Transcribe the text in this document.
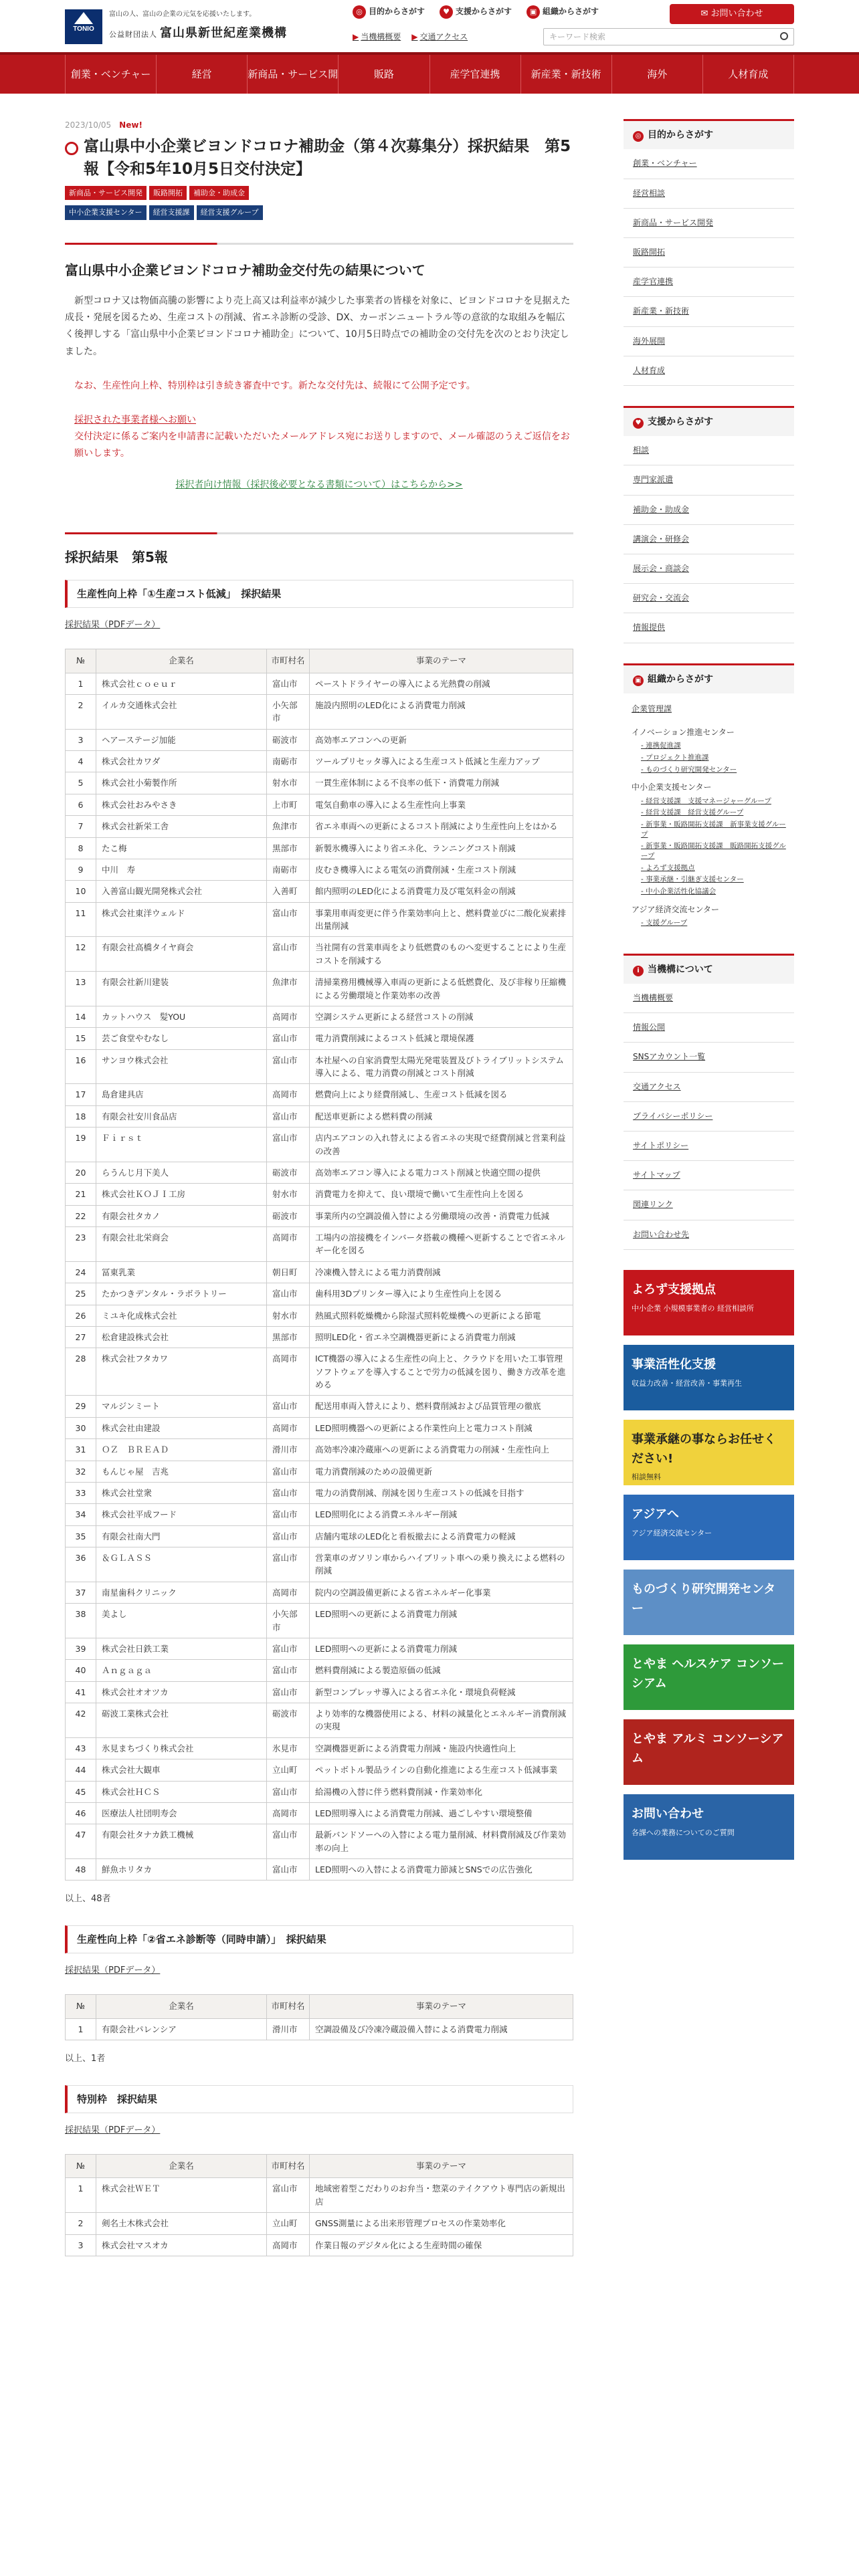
TONIO
富山の人、富山の企業の元気を応援いたします。
公益財団法人 富山県新世紀産業機構
◎ 目的からさがす	♥ 支援からさがす	▣ 組織からさがす	✉ お問い合わせ
▶ 当機構概要 ▶ 交通アクセス	キーワード検索
創業・ベンチャー	経営	新商品・サービス開発
販路	産学官連携	新産業・新技術	海外	人材育成
2023/10/05 New!
富山県中小企業ビヨンドコロナ補助金（第４次募集分）採択結果　第5報【令和5年10月5日交付決定】
新商品・サービス開発	販路開拓	補助金・助成金
中小企業支援センター	経営支援課	経営支援グループ
富山県中小企業ビヨンドコロナ補助金交付先の結果について

新型コロナ又は物価高騰の影響により売上高又は利益率が減少した事業者の皆様を対象に、ビヨンドコロナを見据えた成長・発展を図るため、生産コストの削減、省エネ診断の受診、DX、カーボンニュートラル等の意欲的な取組みを幅広く後押しする「富山県中小企業ビヨンドコロナ補助金」について、10月5日時点での補助金の交付先を次のとおり決定しました。

なお、生産性向上枠、特別枠は引き続き審査中です。新たな交付先は、続報にて公開予定です。

採択された事業者様へお願い
交付決定に係るご案内を申請書に記載いただいたメールアドレス宛にお送りしますので、メール確認のうえご返信をお願いします。

採択者向け情報（採択後必要となる書類について）はこちらから>>

採択結果　第5報
生産性向上枠「①生産コスト低減」　採択結果
採択結果（PDFデータ）
№	企業名	市町村名	事業のテーマ
1	株式会社ｃｏｅｕｒ	富山市	ペーストドライヤーの導入による光熱費の削減
2	イルカ交通株式会社	小矢部市	施設内照明のLED化による消費電力削減
3	ヘアーステージ加能	砺波市	高効率エアコンへの更新
4	株式会社カワダ	南砺市	ツールプリセッタ導入による生産コスト低減と生産力アップ
5	株式会社小菊製作所	射水市	一貫生産体制による不良率の低下・消費電力削減
6	株式会社おみやさき	上市町	電気自動車の導入による生産性向上事業
7	株式会社新栄工舎	魚津市	省エネ車両への更新によるコスト削減により生産性向上をはかる
8	たこ梅	黒部市	新製氷機導入により省エネ化、ランニングコスト削減
9	中川　寿	南砺市	皮むき機導入による電気の消費削減・生産コスト削減
10	入善富山観光開発株式会社	入善町	館内照明のLED化による消費電力及び電気料金の削減
11	株式会社東洋ウェルド	富山市	事業用車両変更に伴う作業効率向上と、燃料費並びに二酸化炭素排出量削減
12	有限会社高橋タイヤ商会	富山市	当社開有の営業車両をより低燃費のものへ変更することにより生産コストを削減する
13	有限会社新川建装	魚津市	清掃業務用機械導入車両の更新による低燃費化、及び非稼り圧縮機による労働環境と作業効率の改善
14	カットハウス　髪YOU	高岡市	空調システム更新による経営コストの削減
15	芸ご食堂やむなし	富山市	電力消費削減によるコスト低減と環境保護
16	サンヨウ株式会社	富山市	本社屋への自家消費型太陽光発電装置及びトライブリットシステム導入による、電力消費の削減とコスト削減
17	島倉建具店	高岡市	燃費向上により経費削減し、生産コスト低減を図る
18	有限会社安川食品店	富山市	配送車更新による燃料費の削減
19	Ｆｉｒｓｔ	富山市	店内エアコンの入れ替えによる省エネの実現で経費削減と営業利益の改善
20	らうんじ月下美人	砺波市	高効率エアコン導入による電力コスト削減と快適空間の提供
21	株式会社ＫＯＪＩ工房	射水市	消費電力を抑えて、良い環境で働いて生産性向上を図る
22	有限会社タカノ	砺波市	事業所内の空調設備入替による労働環境の改善・消費電力低減
23	有限会社北栄商会	高岡市	工場内の溶接機をインバータ搭載の機種へ更新することで省エネルギー化を図る
24	冨東乳業	朝日町	冷凍機入替えによる電力消費削減
25	たかつきデンタル・ラボラトリー	富山市	歯科用3Dプリンター導入により生産性向上を図る
26	ミユキ化成株式会社	射水市	熱風式照料乾燥機から除湿式照料乾燥機への更新による節電
27	松倉建設株式会社	黒部市	照明LED化・省エネ空調機器更新による消費電力削減
28	株式会社フタカワ	高岡市	ICT機器の導入による生産性の向上と、クラウドを用いた工事管理ソフトウェアを導入することで労力の低減を図り、働き方改革を進める
29	マルジンミート	富山市	配送用車両入替えにより、燃料費削減および品質管理の徹底
30	株式会社由建設	高岡市	LED照明機器への更新による作業性向上と電力コスト削減
31	ＯＺ　ＢＲＥＡＤ	滑川市	高効率冷凍冷蔵庫への更新による消費電力の削減・生産性向上
32	もんじゃ屋　吉兆	富山市	電力消費削減のための設備更新
33	株式会社堂衆	富山市	電力の消費削減、削減を図り生産コストの低減を目指す
34	株式会社平成フード	富山市	LED照明化による消費エネルギー削減
35	有限会社南大門	富山市	店舗内電球のLED化と看板撤去による消費電力の軽減
36	＆ＧＬＡＳＳ	富山市	営業車のガソリン車からハイブリット車への乗り換えによる燃料の削減
37	南星歯科クリニック	高岡市	院内の空調設備更新による省エネルギー化事業
38	美よし	小矢部市	LED照明への更新による消費電力削減
39	株式会社日鉄工業	富山市	LED照明への更新による消費電力削減
40	Ａｎｇａｇａ	富山市	燃料費削減による製造原価の低減
41	株式会社オオツカ	富山市	新型コンプレッサ導入による省エネ化・環境負荷軽減
42	砺波工業株式会社	砺波市	より効率的な機器使用による、材料の減量化とエネルギー消費削減の実現
43	氷見まちづくり株式会社	氷見市	空調機器更新による消費電力削減・施設内快適性向上
44	株式会社大観車	立山町	ペットボトル製品ラインの自動化推進による生産コスト低減事業
45	株式会社ＨＣＳ	富山市	給湯機の入替に伴う燃料費削減・作業効率化
46	医療法人社団明寿会	高岡市	LED照明導入による消費電力削減、過ごしやすい環境整備
47	有限会社タナカ鉄工機械	富山市	最新バンドソーへの入替による電力量削減、材料費削減及び作業効率の向上
48	鮮魚ホリタカ	富山市	LED照明への入替による消費電力節減とSNSでの広告強化
以上、48者
生産性向上枠「②省エネ診断等（同時申請）」　採択結果
採択結果（PDFデータ）
№	企業名	市町村名	事業のテーマ
1	有限会社パレンシア	滑川市	空調設備及び冷凍冷蔵設備入替による消費電力削減
以上、1者
特別枠　採択結果
採択結果（PDFデータ）
№	企業名	市町村名	事業のテーマ
1	株式会社ＷＥＴ	富山市	地域密着型こだわりのお弁当・惣菜のテイクアウト専門店の新規出店
2	剣名土木株式会社	立山町	GNSS測量による出来形管理プロセスの作業効率化
3	株式会社マスオカ	高岡市	作業日報のデジタル化による生産時間の確保
◎ 目的からさがす
創業・ベンチャー
経営相談
新商品・サービス開発
販路開拓
産学官連携
新産業・新技術
海外展開
人材育成
♥ 支援からさがす
相談
専門家派遣
補助金・助成金
講演会・研修会
展示会・商談会
研究会・交流会
情報提供
▣ 組織からさがす
企業管理課
イノベーション推進センター
- 連携促進課
- プロジェクト推進課
- ものづくり研究開発センター
中小企業支援センター
- 経営支援課　支援マネージャーグループ
- 経営支援課　経営支援グループ
- 新事業・販路開拓支援課　新事業支援グループ
- 新事業・販路開拓支援課　販路開拓支援グループ
- よろず支援拠点
- 事業承継・引継ぎ支援センター
- 中小企業活性化協議会
アジア経済交流センター
- 支援グループ
i 当機構について
当機構概要
情報公開
SNSアカウント一覧
交通アクセス
プライバシーポリシー
サイトポリシー
サイトマップ
関連リンク
お問い合わせ先
よろず支援拠点
中小企業 小規模事業者の 経営相談所
事業活性化支援
収益力改善・経営改善・事業再生
事業承継の事ならお任せください!
相談無料
アジアへ
アジア経済交流センター
ものづくり研究開発センター
とやま ヘルスケア コンソーシアム
とやま アルミ コンソーシアム
お問い合わせ
各課への業務についてのご質問
